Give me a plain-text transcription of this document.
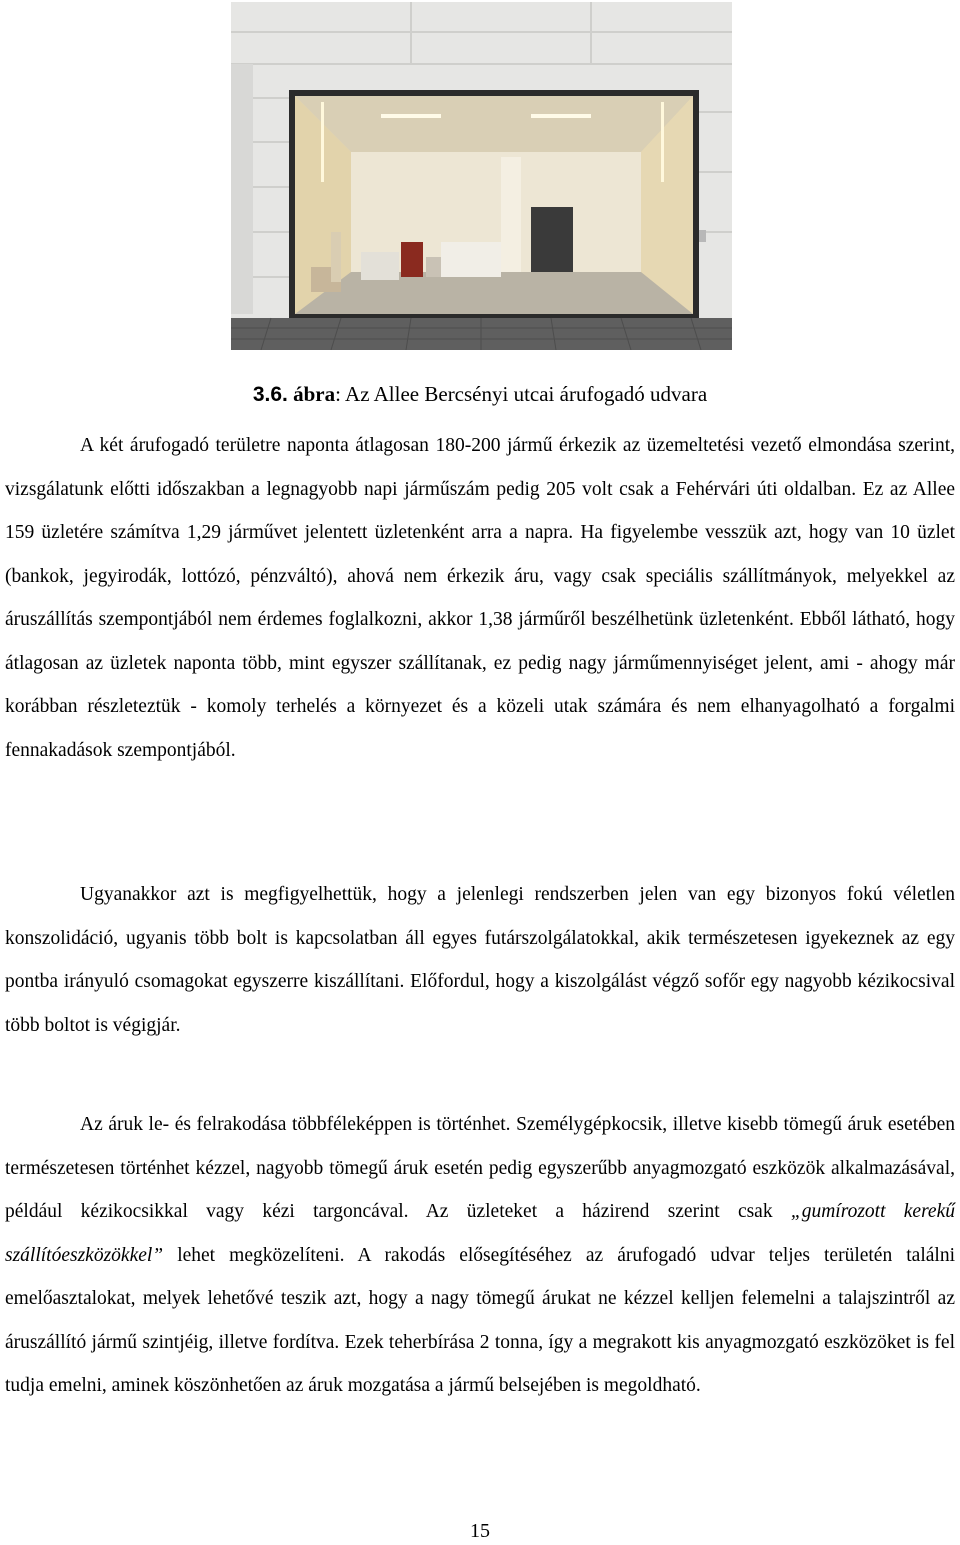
3.6. ábra: Az Allee Bercsényi utcai árufogadó udvara

A két árufogadó területre naponta átlagosan 180-200 jármű érkezik az üzemeltetési vezető elmondása szerint, vizsgálatunk előtti időszakban a legnagyobb napi járműszám pedig 205 volt csak a Fehérvári úti oldalban. Ez az Allee 159 üzletére számítva 1,29 járművet jelentett üzletenként arra a napra. Ha figyelembe vesszük azt, hogy van 10 üzlet (bankok, jegyirodák, lottózó, pénzváltó), ahová nem érkezik áru, vagy csak speciális szállítmányok, melyekkel az áruszállítás szempontjából nem érdemes foglalkozni, akkor 1,38 járműről beszélhetünk üzletenként. Ebből látható, hogy átlagosan az üzletek naponta több, mint egyszer szállítanak, ez pedig nagy járműmennyiséget jelent, ami - ahogy már korábban részleteztük - komoly terhelés a környezet és a közeli utak számára és nem elhanyagolható a forgalmi fennakadások szempontjából.

Ugyanakkor azt is megfigyelhettük, hogy a jelenlegi rendszerben jelen van egy bizonyos fokú véletlen konszolidáció, ugyanis több bolt is kapcsolatban áll egyes futárszolgálatokkal, akik természetesen igyekeznek az egy pontba irányuló csomagokat egyszerre kiszállítani. Előfordul, hogy a kiszolgálást végző sofőr egy nagyobb kézikocsival több boltot is végigjár.

Az áruk le- és felrakodása többféleképpen is történhet. Személygépkocsik, illetve kisebb tömegű áruk esetében természetesen történhet kézzel, nagyobb tömegű áruk esetén pedig egyszerűbb anyagmozgató eszközök alkalmazásával, például kézikocsikkal vagy kézi targoncával. Az üzleteket a házirend szerint csak „gumírozott kerekű szállítóeszközökkel” lehet megközelíteni. A rakodás elősegítéséhez az árufogadó udvar teljes területén találni emelőasztalokat, melyek lehetővé teszik azt, hogy a nagy tömegű árukat ne kézzel kelljen felemelni a talajszintről az áruszállító jármű szintjéig, illetve fordítva. Ezek teherbírása 2 tonna, így a megrakott kis anyagmozgató eszközöket is fel tudja emelni, aminek köszönhetően az áruk mozgatása a jármű belsejében is megoldható.

15
